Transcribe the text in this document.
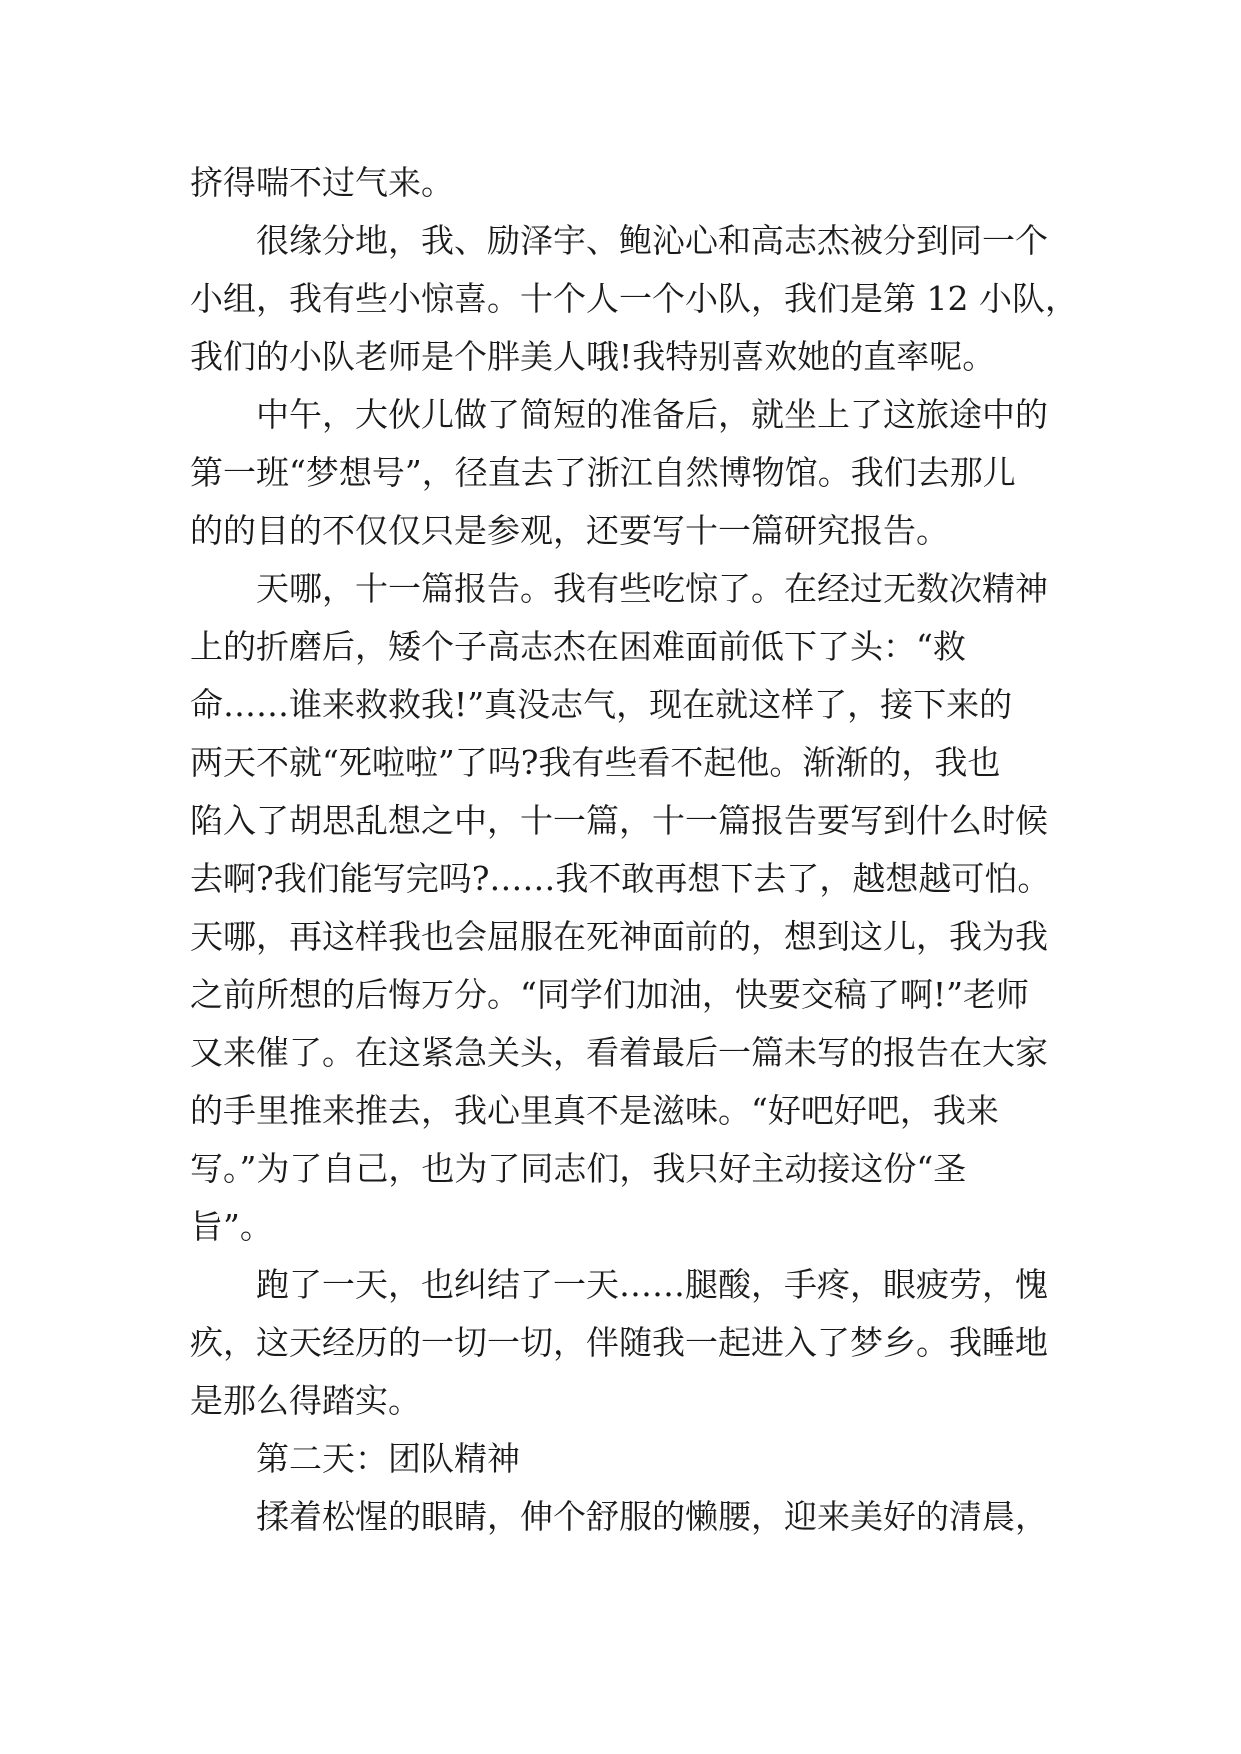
挤得喘不过气来。

很缘分地，我、励泽宇、鲍沁心和高志杰被分到同一个
小组，我有些小惊喜。十个人一个小队，我们是第 12 小队，
我们的小队老师是个胖美人哦!我特别喜欢她的直率呢。

中午，大伙儿做了简短的准备后，就坐上了这旅途中的
第一班“梦想号”，径直去了浙江自然博物馆。我们去那儿
的的目的不仅仅只是参观，还要写十一篇研究报告。

天哪，十一篇报告。我有些吃惊了。在经过无数次精神
上的折磨后，矮个子高志杰在困难面前低下了头：“救
命……谁来救救我!”真没志气，现在就这样了，接下来的
两天不就“死啦啦”了吗?我有些看不起他。渐渐的，我也
陷入了胡思乱想之中，十一篇，十一篇报告要写到什么时候
去啊?我们能写完吗?……我不敢再想下去了，越想越可怕。
天哪，再这样我也会屈服在死神面前的，想到这儿，我为我
之前所想的后悔万分。“同学们加油，快要交稿了啊!”老师
又来催了。在这紧急关头，看着最后一篇未写的报告在大家
的手里推来推去，我心里真不是滋味。“好吧好吧，我来
写。”为了自己，也为了同志们，我只好主动接这份“圣
旨”。

跑了一天，也纠结了一天……腿酸，手疼，眼疲劳，愧
疚，这天经历的一切一切，伴随我一起进入了梦乡。我睡地
是那么得踏实。

第二天：团队精神

揉着松惺的眼睛，伸个舒服的懒腰，迎来美好的清晨，
